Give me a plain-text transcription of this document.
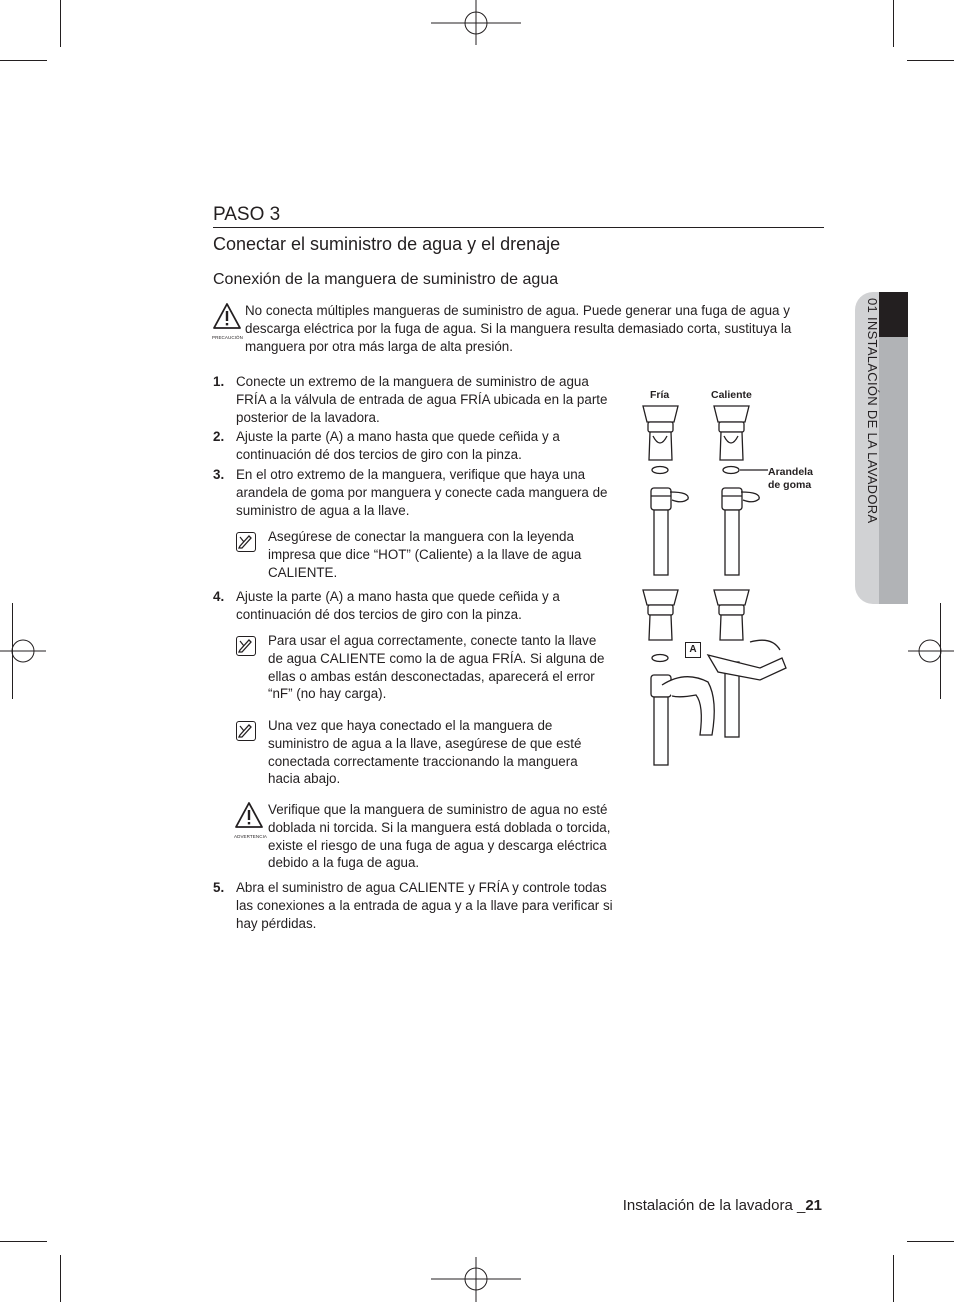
PASO 3
Conectar el suministro de agua y el drenaje
Conexión de la manguera de suministro de agua
PRECAUCIÓN
No conecta múltiples mangueras de suministro de agua. Puede generar una fuga de agua y descarga eléctrica por la fuga de agua. Si la manguera resulta demasiado corta, sustituya la manguera por otra más larga de alta presión.
1. Conecte un extremo de la manguera de suministro de agua FRÍA a la válvula de entrada de agua FRÍA ubicada en la parte posterior de la lavadora.
2. Ajuste la parte (A) a mano hasta que quede ceñida y a continuación dé dos tercios de giro con la pinza.
3. En el otro extremo de la manguera, verifique que haya una arandela de goma por manguera y conecte cada manguera de suministro de agua a la llave.
Asegúrese de conectar la manguera con la leyenda impresa que dice “HOT” (Caliente) a la llave de agua CALIENTE.
4. Ajuste la parte (A) a mano hasta que quede ceñida y a continuación dé dos tercios de giro con la pinza.
Para usar el agua correctamente, conecte tanto la llave de agua CALIENTE como la de agua FRÍA. Si alguna de ellas o ambas están desconectadas, aparecerá el error “nF” (no hay carga).
Una vez que haya conectado el la manguera de suministro de agua a la llave, asegúrese de que esté conectada correctamente traccionando la manguera hacia abajo.
ADVERTENCIA
Verifique que la manguera de suministro de agua no esté doblada ni torcida. Si la manguera está doblada o torcida, existe el riesgo de una fuga de agua y descarga eléctrica debido a la fuga de agua.
5. Abra el suministro de agua CALIENTE y FRÍA y controle todas las conexiones a la entrada de agua y a la llave para verificar si hay pérdidas.
Fría	Caliente
Arandela
de goma
A
01 INSTALACIÓN DE LA LAVADORA
Instalación de la lavadora _21
